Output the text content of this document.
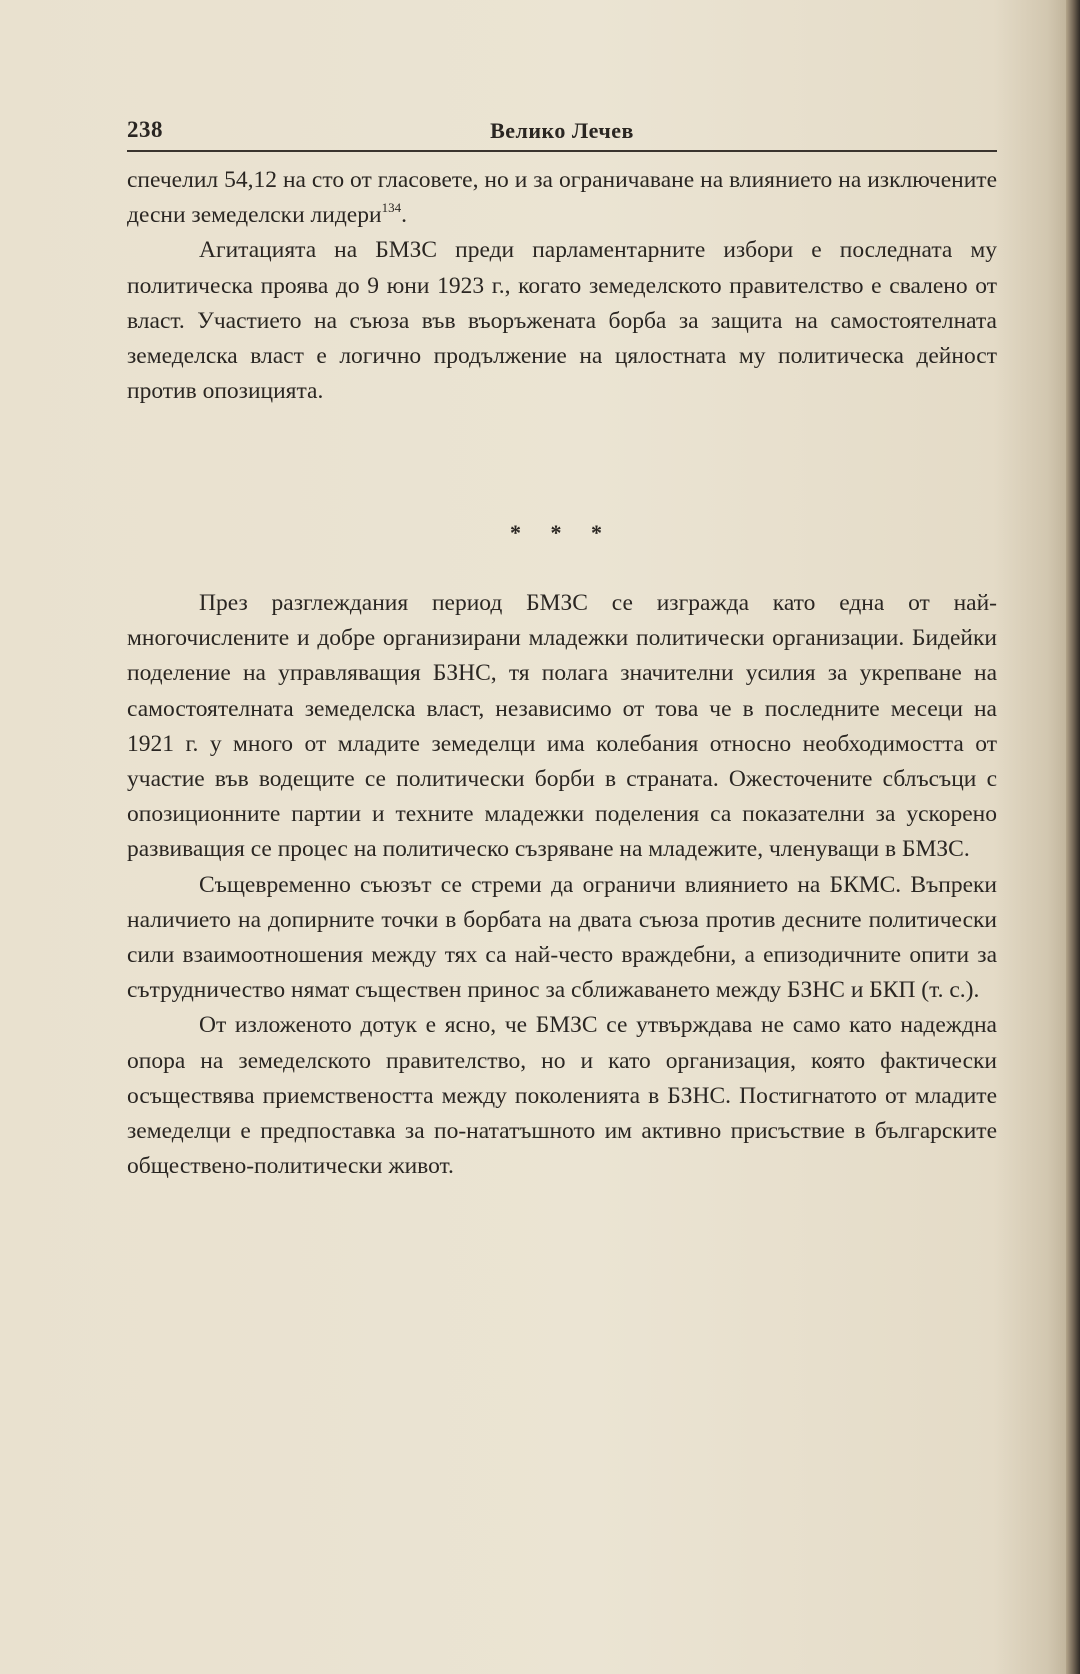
238	Велико Лечев

спечелил 54,12 на сто от гласовете, но и за ограничаване на влиянието на изключените десни земеделски лидери$^{134}$.

Агитацията на БМЗС преди парламентарните избори е последната му политическа проява до 9 юни 1923 г., когато земеделското правителство е свалено от власт. Участието на съюза във въоръжената борба за защита на самостоятелната земеделска власт е логично продължение на цялостната му политическа дейност против опозицията.

* * *

През разглеждания период БМЗС се изгражда като една от най-многочислените и добре организирани младежки политически организации. Бидейки поделение на управляващия БЗНС, тя полага значителни усилия за укрепване на самостоятелната земеделска власт, независимо от това че в последните месеци на 1921 г. у много от младите земеделци има колебания относно необходимостта от участие във водещите се политически борби в страната. Ожесточените сблъсъци с опозиционните партии и техните младежки поделения са показателни за ускорено развиващия се процес на политическо съзряване на младежите, членуващи в БМЗС.

Същевременно съюзът се стреми да ограничи влиянието на БКМС. Въпреки наличието на допирните точки в борбата на двата съюза против десните политически сили взаимоотношения между тях са най-често враждебни, а епизодичните опити за сътрудничество нямат съществен принос за сближаването между БЗНС и БКП (т. с.).

От изложеното дотук е ясно, че БМЗС се утвърждава не само като надеждна опора на земеделското правителство, но и като организация, която фактически осъществява приемствеността между поколенията в БЗНС. Постигнатото от младите земеделци е предпоставка за по-нататъшното им активно присъствие в българските обществено-политически живот.
